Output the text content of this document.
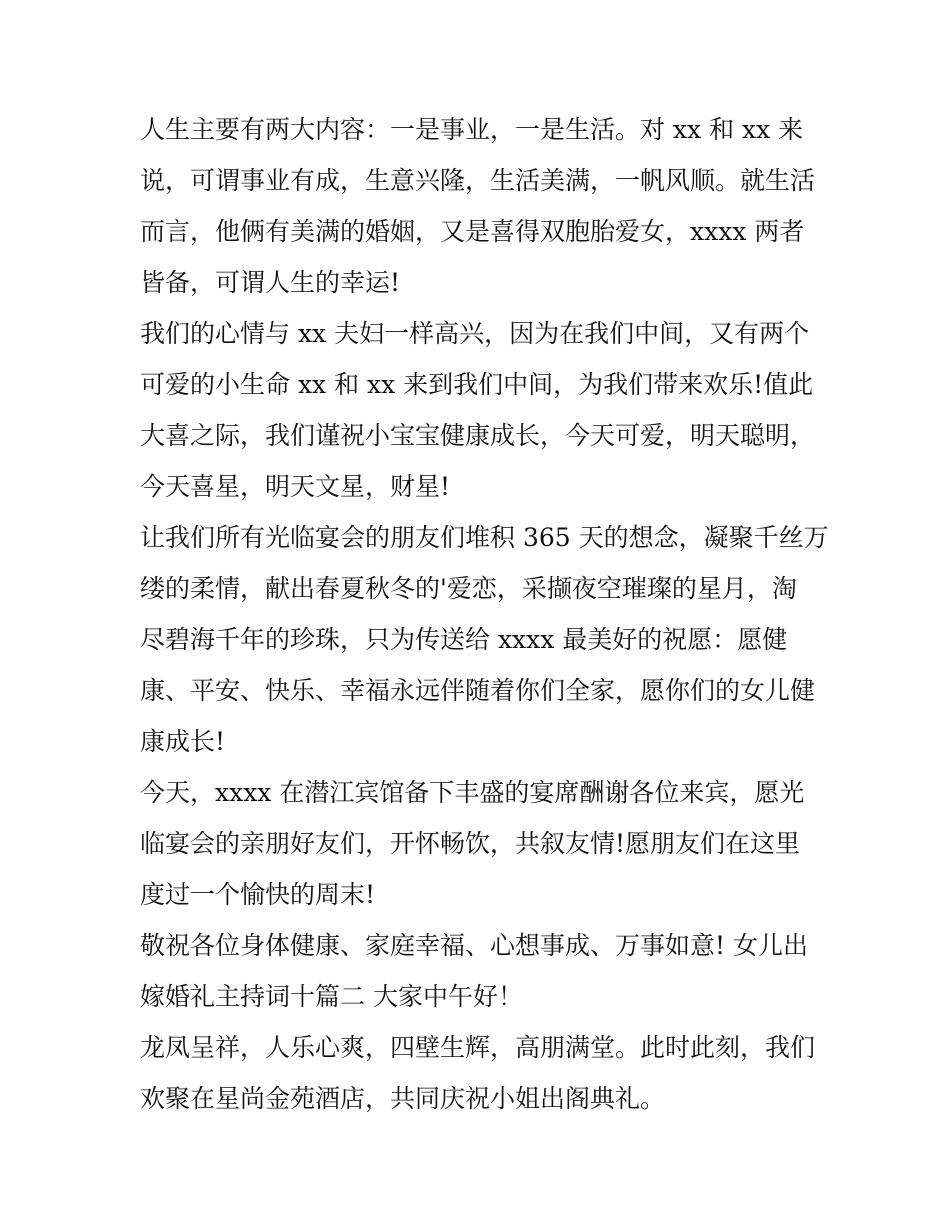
人生主要有两大内容：一是事业，一是生活。对 xx 和 xx 来
说，可谓事业有成，生意兴隆，生活美满，一帆风顺。就生活
而言，他俩有美满的婚姻，又是喜得双胞胎爱女，xxxx 两者
皆备，可谓人生的幸运!

我们的心情与 xx 夫妇一样高兴，因为在我们中间，又有两个
可爱的小生命 xx 和 xx 来到我们中间，为我们带来欢乐!值此
大喜之际，我们谨祝小宝宝健康成长，今天可爱，明天聪明，
今天喜星，明天文星，财星!

让我们所有光临宴会的朋友们堆积 365 天的想念，凝聚千丝万
缕的柔情，献出春夏秋冬的'爱恋，采撷夜空璀璨的星月，淘
尽碧海千年的珍珠，只为传送给 xxxx 最美好的祝愿：愿健
康、平安、快乐、幸福永远伴随着你们全家，愿你们的女儿健
康成长!

今天，xxxx 在潜江宾馆备下丰盛的宴席酬谢各位来宾，愿光
临宴会的亲朋好友们，开怀畅饮，共叙友情!愿朋友们在这里
度过一个愉快的周末!

敬祝各位身体健康、家庭幸福、心想事成、万事如意! 女儿出
嫁婚礼主持词十篇二 大家中午好！

龙凤呈祥，人乐心爽，四壁生辉，高朋满堂。此时此刻，我们
欢聚在星尚金苑酒店，共同庆祝小姐出阁典礼。
